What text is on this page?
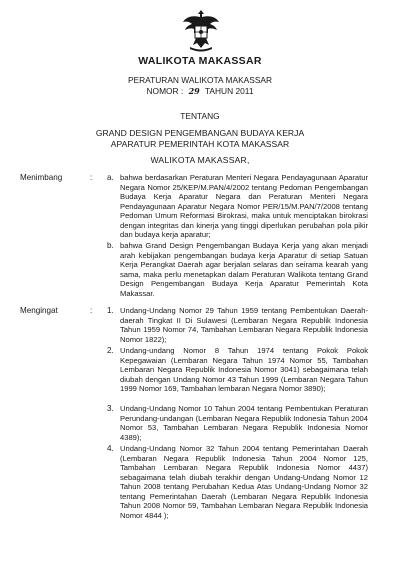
WALIKOTA MAKASSAR
PERATURAN WALIKOTA MAKASSAR
NOMOR : 29 TAHUN 2011
TENTANG
GRAND DESIGN PENGEMBANGAN BUDAYA KERJA
APARATUR PEMERINTAH KOTA MAKASSAR
WALIKOTA MAKASSAR,
Menimbang	: a. bahwa berdasarkan Peraturan Menteri Negara Pendayagunaan Aparatur Negara Nomor 25/KEP/M.PAN/4/2002 tentang Pedoman Pengembangan Budaya Kerja Aparatur Negara dan Peraturan Menteri Negara Pendayagunaan Aparatur Negara Nomor PER/15/M.PAN/7/2008 tentang Pedoman Umum Reformasi Birokrasi, maka untuk menciptakan birokrasi dengan integritas dan kinerja yang tinggi diperlukan perubahan pola pikir dan budaya kerja aparatur;
b. bahwa Grand Design Pengembangan Budaya Kerja yang akan menjadi arah kebijakan pengembangan budaya kerja Aparatur di setiap Satuan Kerja Perangkat Daerah agar berjalan selaras dan seirama kearah yang sama, maka perlu menetapkan dalam Peraturan Walikota tentang Grand Design Pengembangan Budaya Kerja Aparatur Pemerintah Kota Makassar.
Mengingat	: 1. Undang-Undang Nomor 29 Tahun 1959 tentang Pembentukan Daerah-daerah Tingkat II Di Sulawesi (Lembaran Negara Republik Indonesia Tahun 1959 Nomor 74, Tambahan Lembaran Negara Republik Indonesia Nomor 1822);
2. Undang-undang Nomor 8 Tahun 1974 tentang Pokok Pokok Kepegawaian (Lembaran Negara Tahun 1974 Nomor 55, Tambahan Lembaran Negara Republik Indonesia Nomor 3041) sebagaimana telah diubah dengan Undang Nomor 43 Tahun 1999 (Lembaran Negara Tahun 1999 Nomor 169, Tambahan lembaran Negara Nomor 3890);
3. Undang-Undang Nomor 10 Tahun 2004 tentang Pembentukan Peraturan Perundang-undangan (Lembaran Negara Republik Indonesia Tahun 2004 Nomor 53, Tambahan Lembaran Negara Republik Indonesia Nomor 4389);
4. Undang-Undang Nomor 32 Tahun 2004 tentang Pemerintahan Daerah (Lembaran Negara Republik Indonesia Tahun 2004 Nomor 125, Tambahan Lembaran Negara Republik Indonesia Nomor 4437) sebagaimana telah diubah terakhir dengan Undang-Undang Nomor 12 Tahun 2008 tentang Perubahan Kedua Atas Undang-Undang Nomor 32 tentang Pemerintahan Daerah (Lembaran Negara Republik Indonesia Tahun 2008 Nomor 59, Tambahan Lembaran Negara Republik Indonesia Nomor 4844 );
